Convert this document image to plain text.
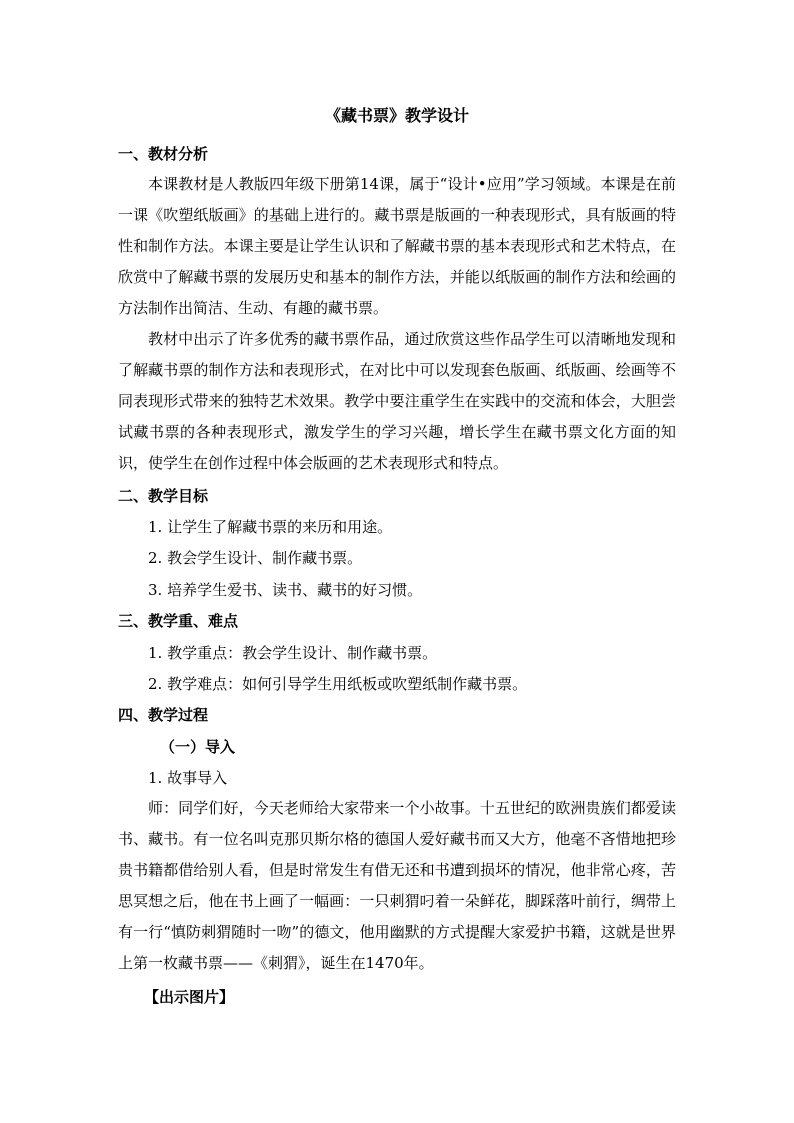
《藏书票》教学设计
一、教材分析
本课教材是人教版四年级下册第14课，属于“设计•应用”学习领域。本课是在前一课《吹塑纸版画》的基础上进行的。藏书票是版画的一种表现形式，具有版画的特性和制作方法。本课主要是让学生认识和了解藏书票的基本表现形式和艺术特点，在欣赏中了解藏书票的发展历史和基本的制作方法，并能以纸版画的制作方法和绘画的方法制作出简洁、生动、有趣的藏书票。
教材中出示了许多优秀的藏书票作品，通过欣赏这些作品学生可以清晰地发现和了解藏书票的制作方法和表现形式，在对比中可以发现套色版画、纸版画、绘画等不同表现形式带来的独特艺术效果。教学中要注重学生在实践中的交流和体会，大胆尝试藏书票的各种表现形式，激发学生的学习兴趣，增长学生在藏书票文化方面的知识，使学生在创作过程中体会版画的艺术表现形式和特点。
二、教学目标
1. 让学生了解藏书票的来历和用途。
2. 教会学生设计、制作藏书票。
3. 培养学生爱书、读书、藏书的好习惯。
三、教学重、难点
1. 教学重点：教会学生设计、制作藏书票。
2. 教学难点：如何引导学生用纸板或吹塑纸制作藏书票。
四、教学过程
（一）导入
1. 故事导入
师：同学们好，今天老师给大家带来一个小故事。十五世纪的欧洲贵族们都爱读书、藏书。有一位名叫克那贝斯尔格的德国人爱好藏书而又大方，他毫不吝惜地把珍贵书籍都借给别人看，但是时常发生有借无还和书遭到损坏的情况，他非常心疼，苦思冥想之后，他在书上画了一幅画：一只刺猬叼着一朵鲜花，脚踩落叶前行，绸带上有一行“慎防刺猬随时一吻”的德文，他用幽默的方式提醒大家爱护书籍，这就是世界上第一枚藏书票——《刺猬》，诞生在1470年。
【出示图片】
